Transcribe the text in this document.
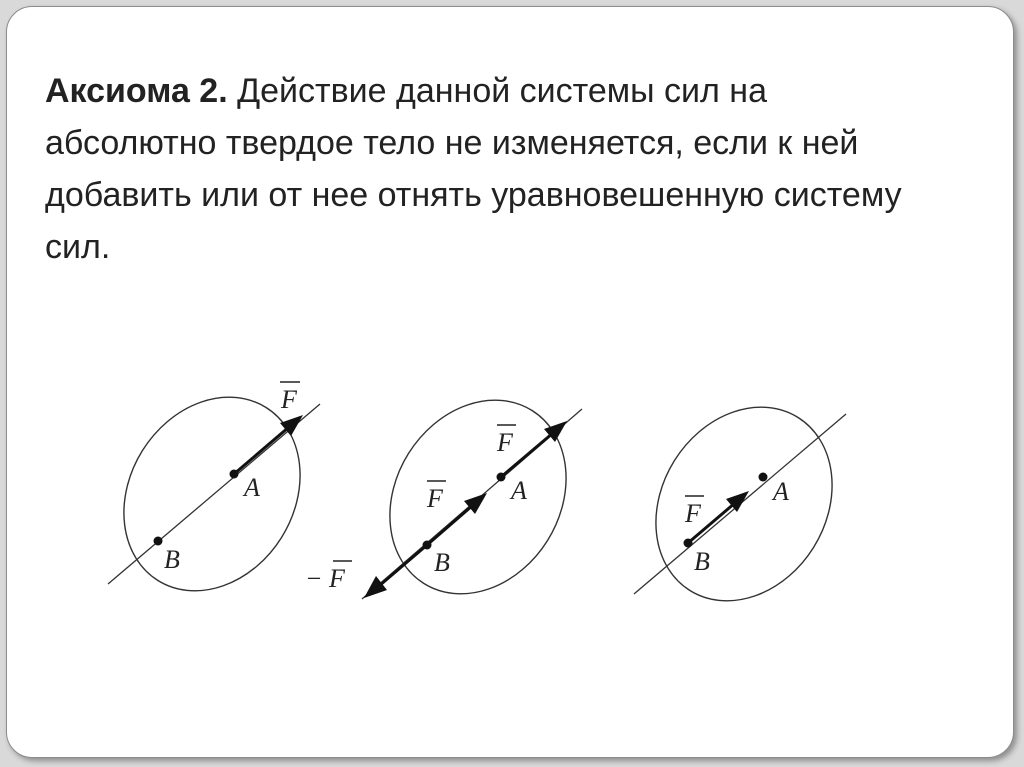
Аксиома 2. Действие данной системы сил на абсолютно твердое тело не изменяется, если к ней добавить или от нее отнять уравновешенную систему сил.

F
A
B
F
F
− F
A
B
F
A
B
